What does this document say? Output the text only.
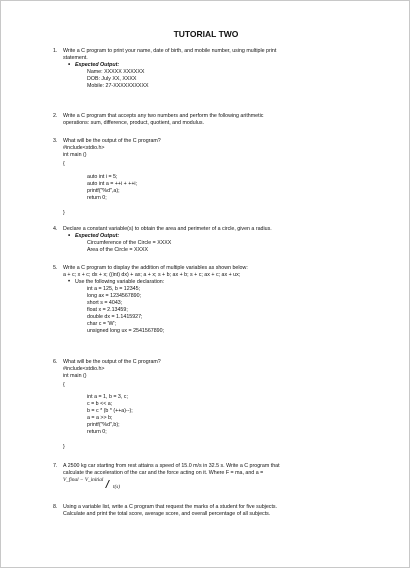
TUTORIAL TWO
1. Write a C program to print your name, date of birth, and mobile number, using multiple print

statement.

• Expected Output:

Name: XXXXX XXXXXX

DOB: July XX, XXXX

Mobile: 27-XXXXXXXXXX

2. Write a C program that accepts any two numbers and perform the following arithmetic

operations: sum, difference, product, quotient, and modulus.

3. What will be the output of the C program?

#include<stdio.h>

int main ()

{

auto int i = 5;

auto int a = ++i + ++i;

printf("%d",a);

return 0;

}

4. Declare a constant variable(s) to obtain the area and perimeter of a circle, given a radius.

• Expected Output:

Circumference of the Circle = XXXX

Area of the Circle = XXXX

5. Write a C program to display the addition of multiple variables as shown below:

a + c; x + c; dx + x; ((int) dx) + ax; a + x; s + b; ax + b; s + c; ax + c; ax + ux;

• Use the following variable declaration:

int a = 125, b = 12345;

long ax = 1234567890;

short s = 4043;

float x = 2.13459;

double dx = 1.1415927;

char c = 'W';

unsigned long ux = 2541567890;

6. What will be the output of the C program?

#include<stdio.h>

int main ()

{

int a = 1, b = 3, c;

c = b << a;

b = c * (b * (++a)--);

a = a >> b;

printf("%d",b);

return 0;

}

7. A 2500 kg car starting from rest attains a speed of 15.0 m/s in 32.5 s. Write a C program that

calculate the acceleration of the car and the force acting on it. Where F = ma, and a =

V_final − V_initial
t(s)
8. Using a variable list, write a C program that request the marks of a student for five subjects.

Calculate and print the total score, average score, and overall percentage of all subjects.
